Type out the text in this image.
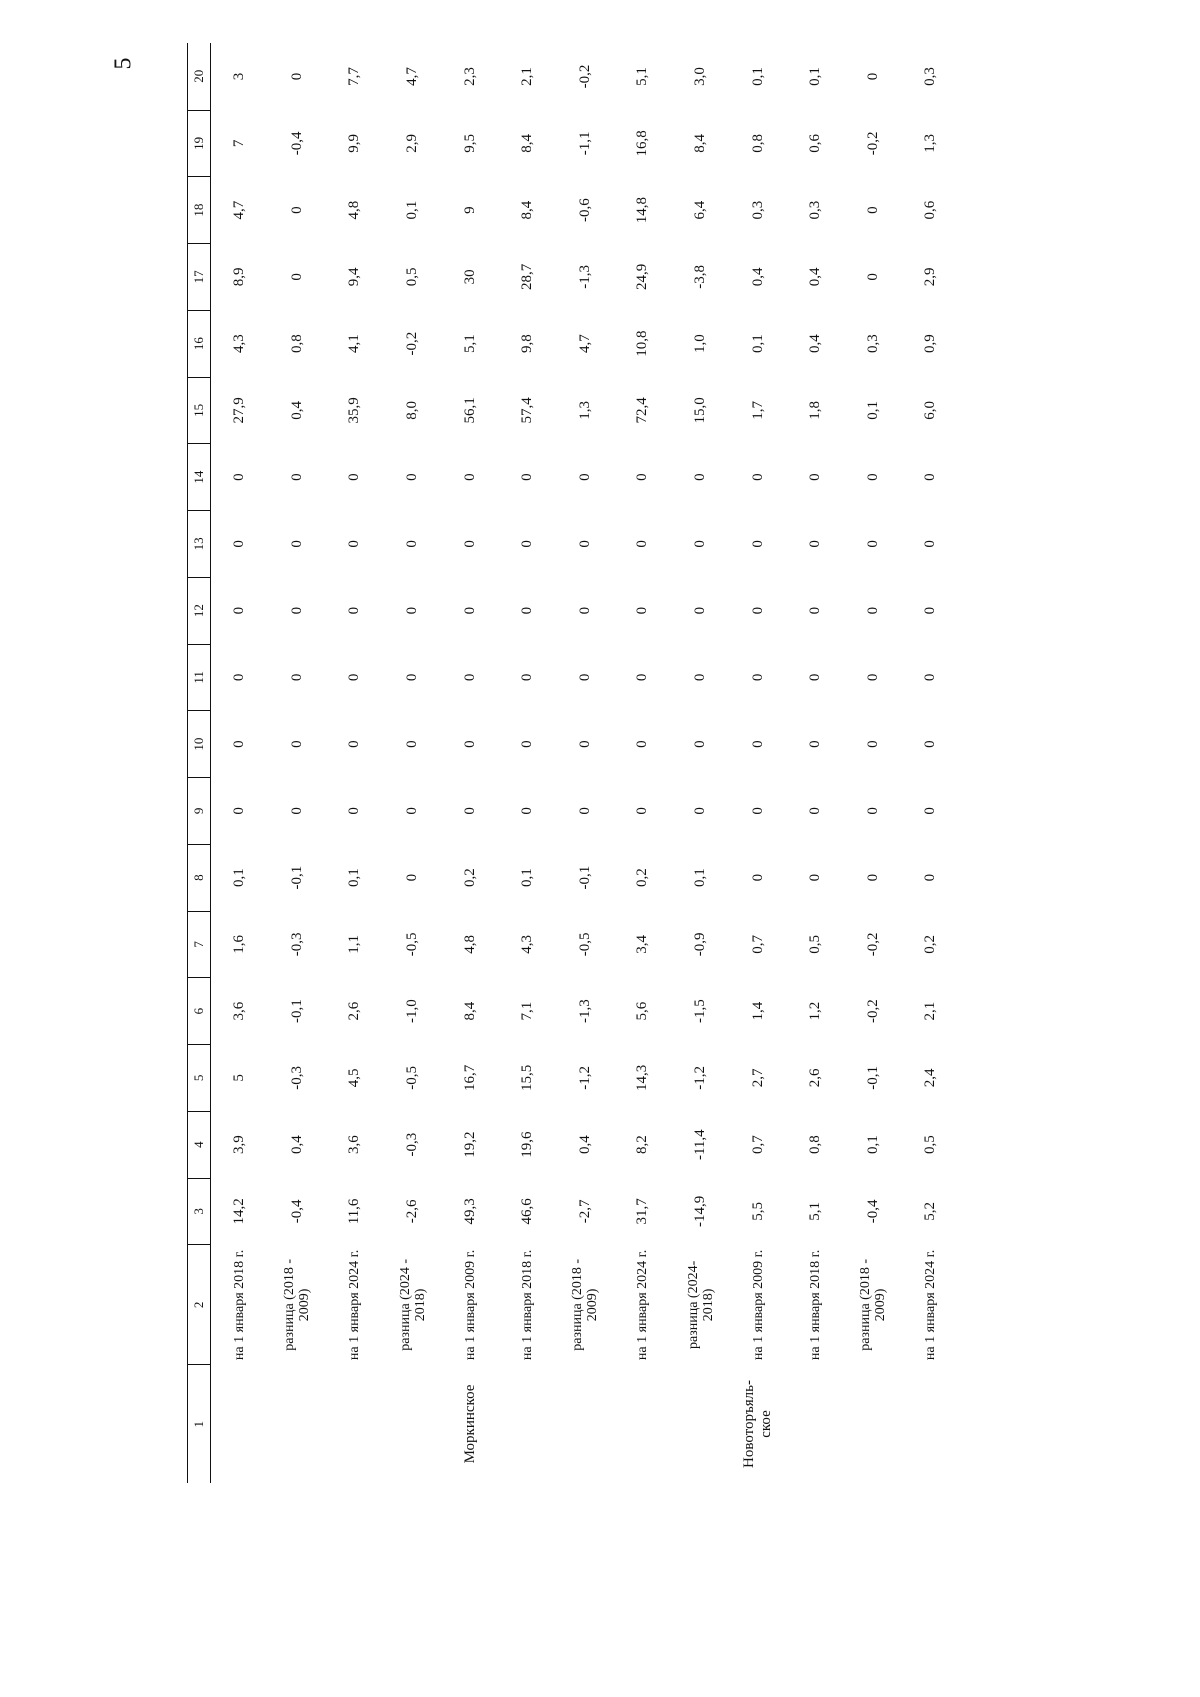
5
1	2	3	4	5	6	7	8	9	10	11	12	13	14	15	16	17	18	19	20
	на 1 января 2018 г.	14,2	3,9	5	3,6	1,6	0,1	0	0	0	0	0	0	27,9	4,3	8,9	4,7	7	3
	разница (2018 - 2009)	-0,4	0,4	-0,3	-0,1	-0,3	-0,1	0	0	0	0	0	0	0,4	0,8	0	0	-0,4	0
	на 1 января 2024 г.	11,6	3,6	4,5	2,6	1,1	0,1	0	0	0	0	0	0	35,9	4,1	9,4	4,8	9,9	7,7
	разница (2024 - 2018)	-2,6	-0,3	-0,5	-1,0	-0,5	0	0	0	0	0	0	0	8,0	-0,2	0,5	0,1	2,9	4,7
Моркинское	на 1 января 2009 г.	49,3	19,2	16,7	8,4	4,8	0,2	0	0	0	0	0	0	56,1	5,1	30	9	9,5	2,3
	на 1 января 2018 г.	46,6	19,6	15,5	7,1	4,3	0,1	0	0	0	0	0	0	57,4	9,8	28,7	8,4	8,4	2,1
	разница (2018 - 2009)	-2,7	0,4	-1,2	-1,3	-0,5	-0,1	0	0	0	0	0	0	1,3	4,7	-1,3	-0,6	-1,1	-0,2
	на 1 января 2024 г.	31,7	8,2	14,3	5,6	3,4	0,2	0	0	0	0	0	0	72,4	10,8	24,9	14,8	16,8	5,1
	разница (2024-2018)	-14,9	-11,4	-1,2	-1,5	-0,9	0,1	0	0	0	0	0	0	15,0	1,0	-3,8	6,4	8,4	3,0
Новоторъяль- ское	на 1 января 2009 г.	5,5	0,7	2,7	1,4	0,7	0	0	0	0	0	0	0	1,7	0,1	0,4	0,3	0,8	0,1
	на 1 января 2018 г.	5,1	0,8	2,6	1,2	0,5	0	0	0	0	0	0	0	1,8	0,4	0,4	0,3	0,6	0,1
	разница (2018 - 2009)	-0,4	0,1	-0,1	-0,2	-0,2	0	0	0	0	0	0	0	0,1	0,3	0	0	-0,2	0
	на 1 января 2024 г.	5,2	0,5	2,4	2,1	0,2	0	0	0	0	0	0	0	6,0	0,9	2,9	0,6	1,3	0,3
